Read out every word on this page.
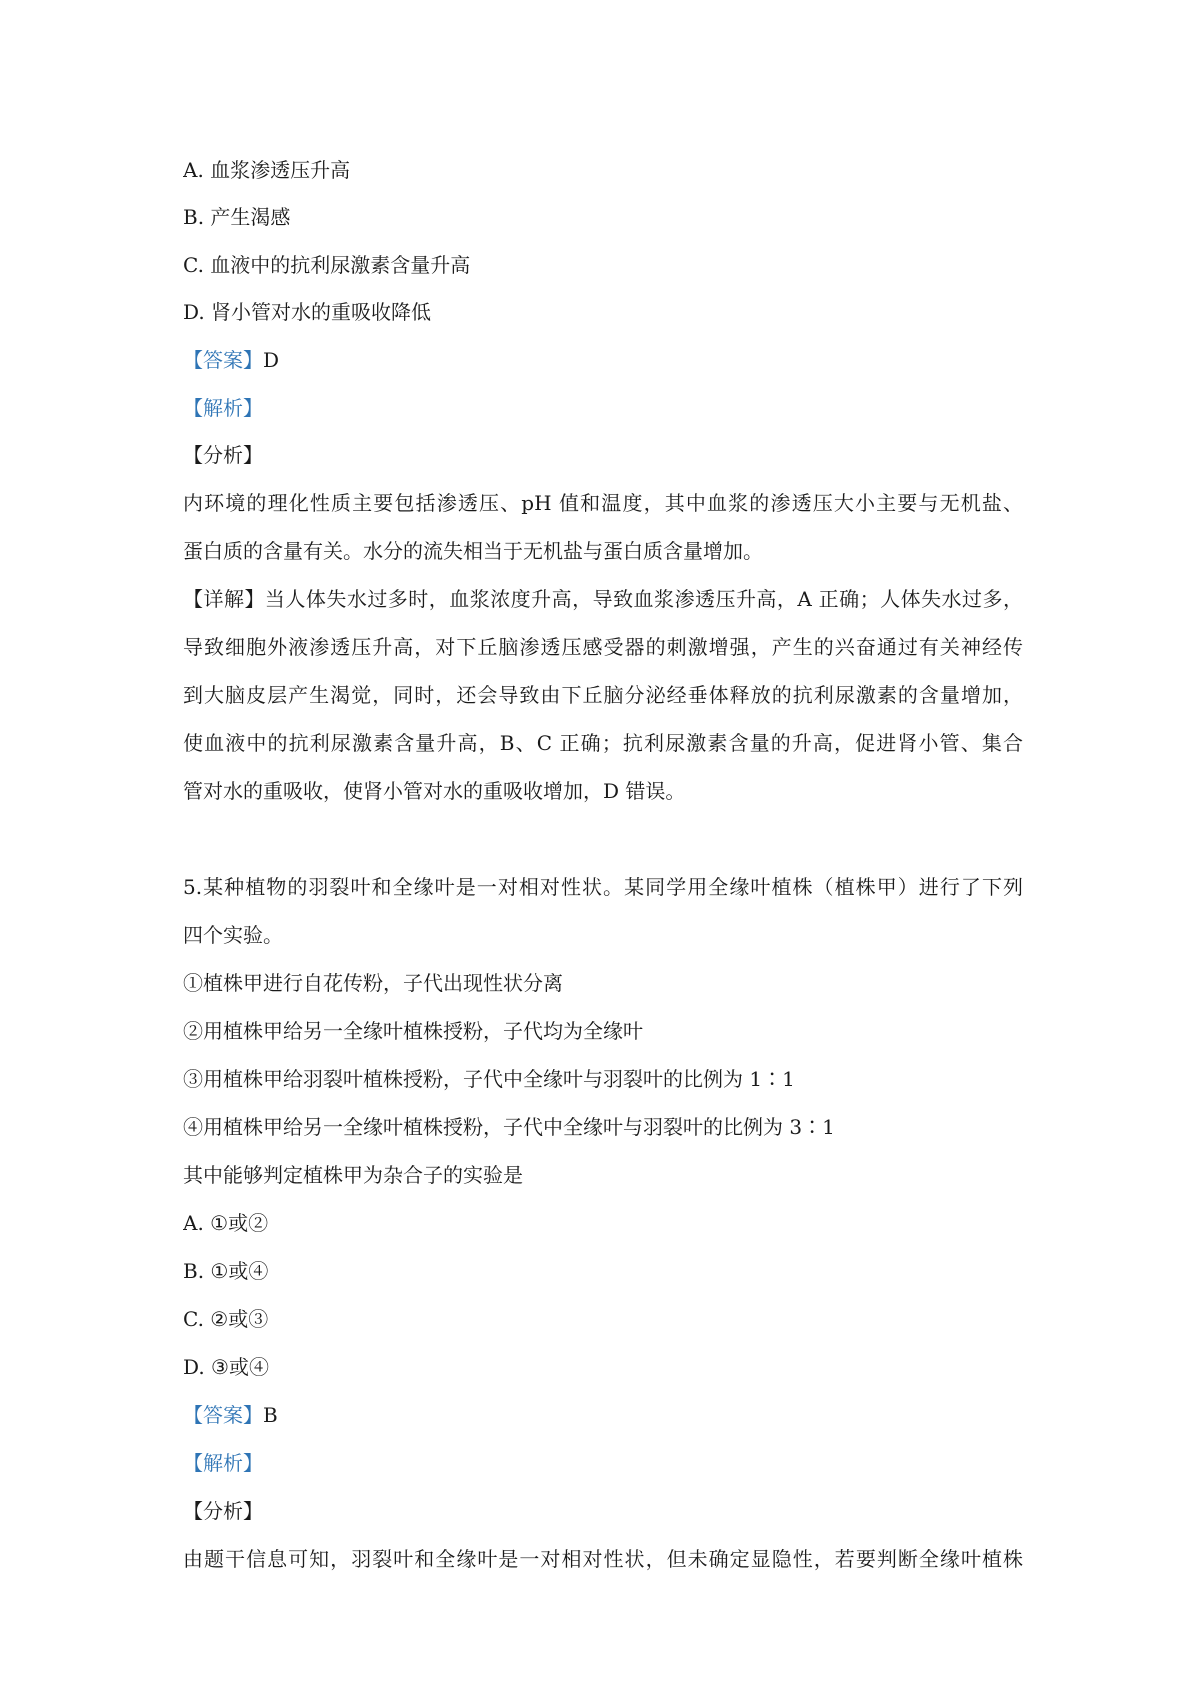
A. 血浆渗透压升高
B. 产生渴感
C. 血液中的抗利尿激素含量升高
D. 肾小管对水的重吸收降低
【答案】D
【解析】
【分析】
内环境的理化性质主要包括渗透压、pH 值和温度，其中血浆的渗透压大小主要与无机盐、
蛋白质的含量有关。水分的流失相当于无机盐与蛋白质含量增加。
【详解】当人体失水过多时，血浆浓度升高，导致血浆渗透压升高，A 正确；人体失水过多，
导致细胞外液渗透压升高，对下丘脑渗透压感受器的刺激增强，产生的兴奋通过有关神经传
到大脑皮层产生渴觉，同时，还会导致由下丘脑分泌经垂体释放的抗利尿激素的含量增加，
使血液中的抗利尿激素含量升高，B、C 正确；抗利尿激素含量的升高，促进肾小管、集合
管对水的重吸收，使肾小管对水的重吸收增加，D 错误。
5.某种植物的羽裂叶和全缘叶是一对相对性状。某同学用全缘叶植株（植株甲）进行了下列
四个实验。
①植株甲进行自花传粉，子代出现性状分离
②用植株甲给另一全缘叶植株授粉，子代均为全缘叶
③用植株甲给羽裂叶植株授粉，子代中全缘叶与羽裂叶的比例为 1∶1
④用植株甲给另一全缘叶植株授粉，子代中全缘叶与羽裂叶的比例为 3∶1
其中能够判定植株甲为杂合子的实验是
A. ①或②
B. ①或④
C. ②或③
D. ③或④
【答案】B
【解析】
【分析】
由题干信息可知，羽裂叶和全缘叶是一对相对性状，但未确定显隐性，若要判断全缘叶植株
